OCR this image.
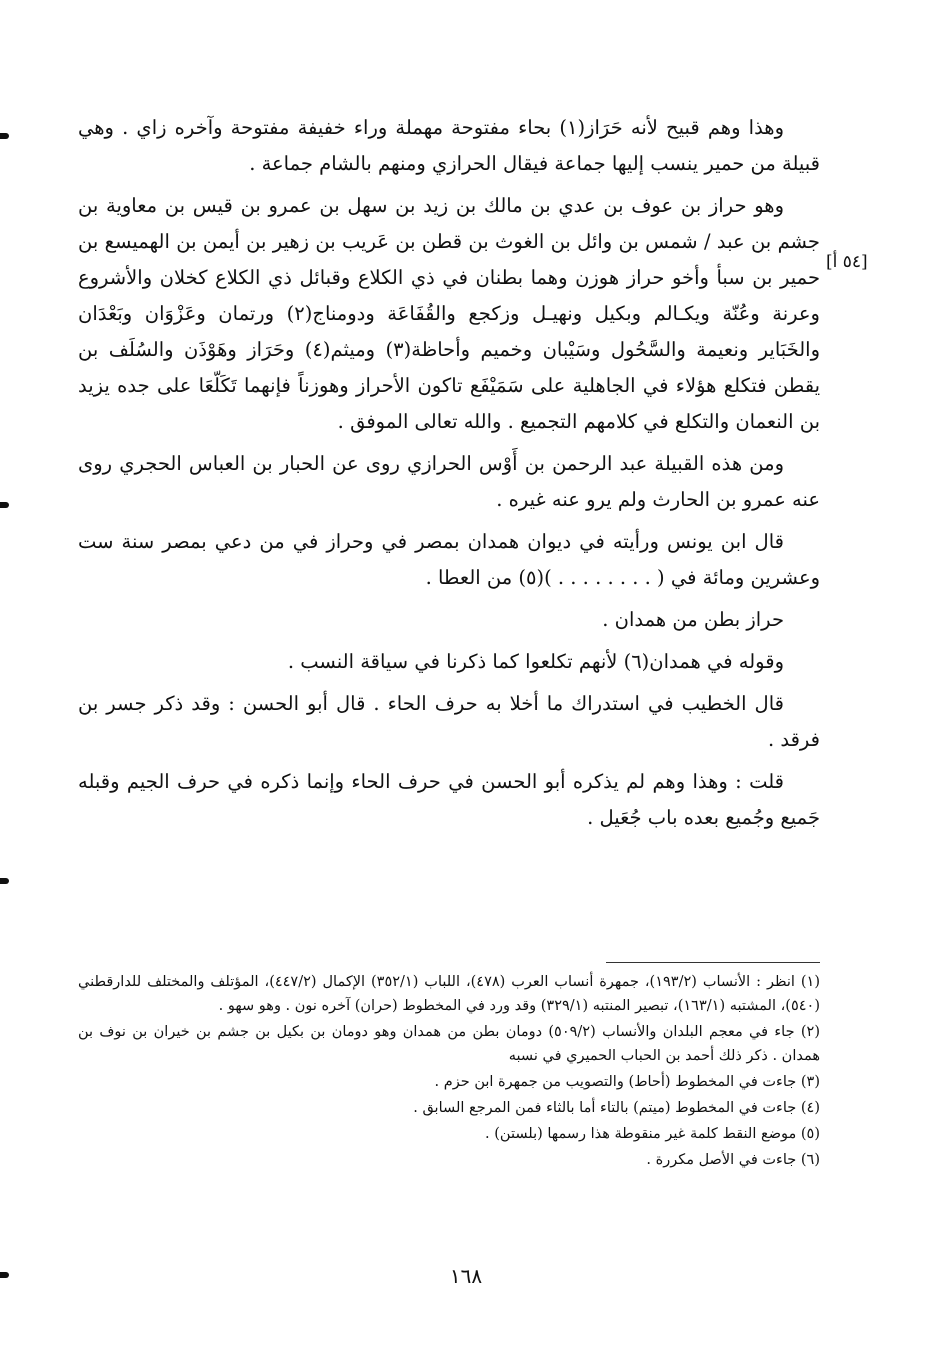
وهذا وهم قبيح لأنه حَرَاز(١) بحاء مفتوحة مهملة وراء خفيفة مفتوحة وآخره زاي . وهي قبيلة من حمير ينسب إليها جماعة فيقال الحرازي ومنهم بالشام جماعة .

وهو حراز بن عوف بن عدي بن مالك بن زيد بن سهل بن عمرو بن قيس بن معاوية بن جشم بن عبد / شمس بن وائل بن الغوث بن قطن بن عَريب بن زهير بن أيمن بن الهميسع بن حمير بن سبأ وأخو حراز هوزن وهما بطنان في ذي الكلاع وقبائل ذي الكلاع كخلان والأشروع وعرنة وعُنّة ويكـالم وبكيل ونهيـل وزكجع والقُفَاعَة ودومناج(٢) ورتمان وعَزْوَان وبَعْدَان والخَبَاير ونعيمة والسَّحُول وسَيْبان وخميم وأحاظة(٣) وميثم(٤) وحَرَاز وهَوْذَن والسُلَف بن يقطن فتكلع هؤلاء في الجاهلية على سَمَيْفَع تاكون الأحراز وهوزناً فإنهما تَكَلّعَا على جده يزيد بن النعمان والتكلع في كلامهم التجميع . والله تعالى الموفق .

ومن هذه القبيلة عبد الرحمن بن أَوْس الحرازي روى عن الحبار بن العباس الحجري روى عنه عمرو بن الحارث ولم يرو عنه غيره .

قال ابن يونس ورأيته في ديوان همدان بمصر في وحراز في من دعي بمصر سنة ست وعشرين ومائة في ( . . . . . . . . )(٥) من العطا .

حراز بطن من همدان .

وقوله في همدان(٦) لأنهم تكلعوا كما ذكرنا في سياقة النسب .

قال الخطيب في استدراك ما أخلا به حرف الحاء . قال أبو الحسن : وقد ذكر جسر بن فرقد .

قلت : وهذا وهم لم يذكره أبو الحسن في حرف الحاء وإنما ذكره في حرف الجيم وقبله جَميع وجُميع بعده باب جُعَيل .

[٥٤ أ]

(١) انظر : الأنساب (١٩٣/٢)، جمهرة أنساب العرب (٤٧٨)، اللباب (٣٥٢/١) الإكمال (٤٤٧/٢)، المؤتلف والمختلف للدارقطني (٥٤٠)، المشتبه (١٦٣/١)، تبصير المنتبه (٣٢٩/١) وقد ورد في المخطوط (حران) آخره نون . وهو سهو .

(٢) جاء في معجم البلدان والأنساب (٥٠٩/٢) دومان بطن من همدان وهو دومان بن بكيل بن جشم بن خيران بن نوف بن همدان . ذكر ذلك أحمد بن الحباب الحميري في نسبه

(٣) جاءت في المخطوط (أحاط) والتصويب من جمهرة ابن حزم .

(٤) جاءت في المخطوط (ميتم) بالتاء أما بالثاء فمن المرجع السابق .

(٥) موضع النقط كلمة غير منقوطة هذا رسمها (بلستن) .

(٦) جاءت في الأصل مكررة .

١٦٨
